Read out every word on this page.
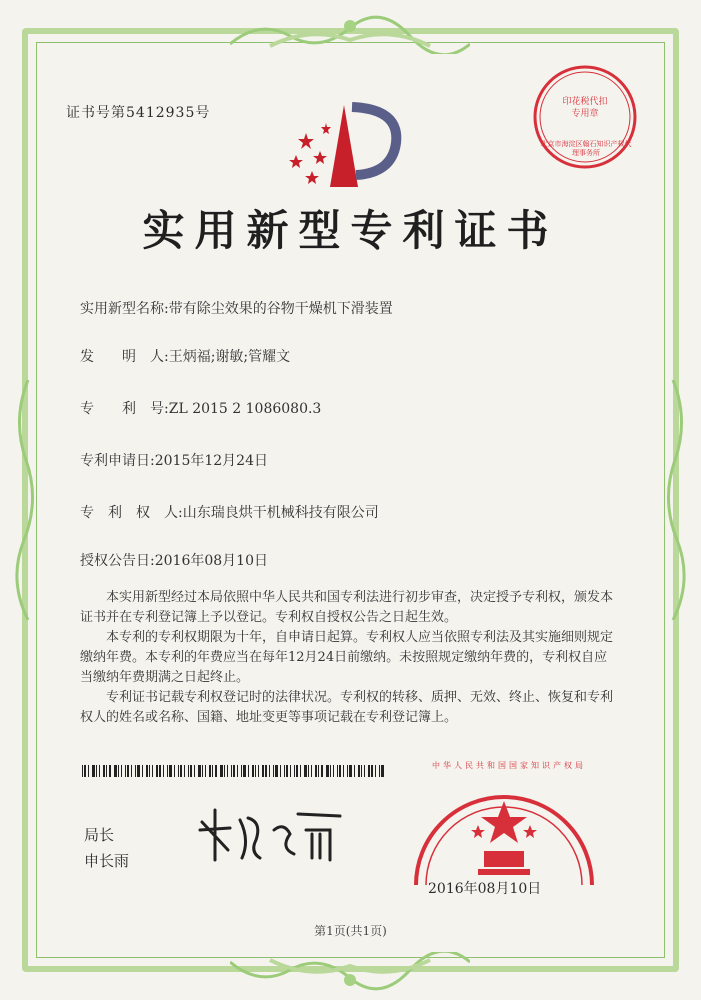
证书号第5412935号
印花税代扣专用章
北京市海淀区翰石知识产权代理事务所
实用新型专利证书
实用新型名称:带有除尘效果的谷物干燥机下滑装置
发　　明　人:王炳福;谢敏;管耀文
专　　利　号:ZL 2015 2 1086080.3
专利申请日:2015年12月24日
专　利　权　人:山东瑞良烘干机械科技有限公司
授权公告日:2016年08月10日

本实用新型经过本局依照中华人民共和国专利法进行初步审查，决定授予专利权，颁发本证书并在专利登记簿上予以登记。专利权自授权公告之日起生效。

本专利的专利权期限为十年，自申请日起算。专利权人应当依照专利法及其实施细则规定缴纳年费。本专利的年费应当在每年12月24日前缴纳。未按照规定缴纳年费的，专利权自应当缴纳年费期满之日起终止。

专利证书记载专利权登记时的法律状况。专利权的转移、质押、无效、终止、恢复和专利权人的姓名或名称、国籍、地址变更等事项记载在专利登记簿上。

局长
申长雨
中华人民共和国国家知识产权局
2016年08月10日
第1页(共1页)
